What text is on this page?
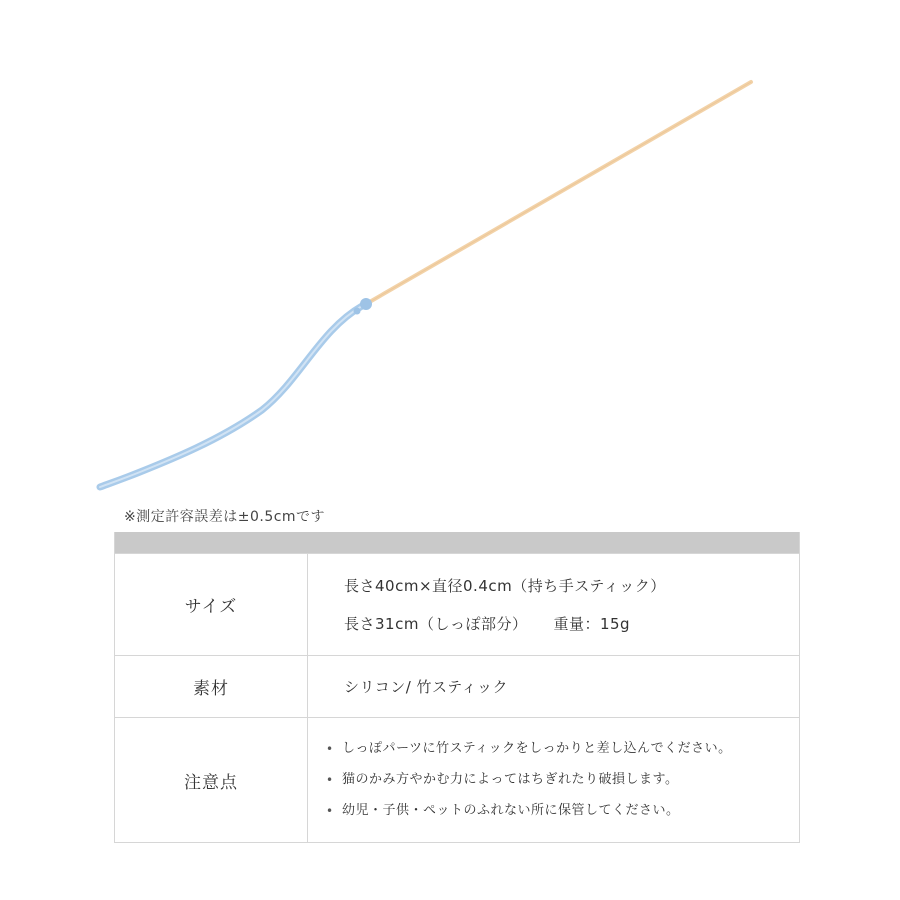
※測定許容誤差は±0.5cmです
サイズ
長さ40cm×直径0.4cm（持ち手スティック）
長さ31cm（しっぽ部分） 重量：15g
素材	シリコン/ 竹スティック
注意点
• しっぽパーツに竹スティックをしっかりと差し込んでください。
• 猫のかみ方やかむ力によってはちぎれたり破損します。
• 幼児・子供・ペットのふれない所に保管してください。
